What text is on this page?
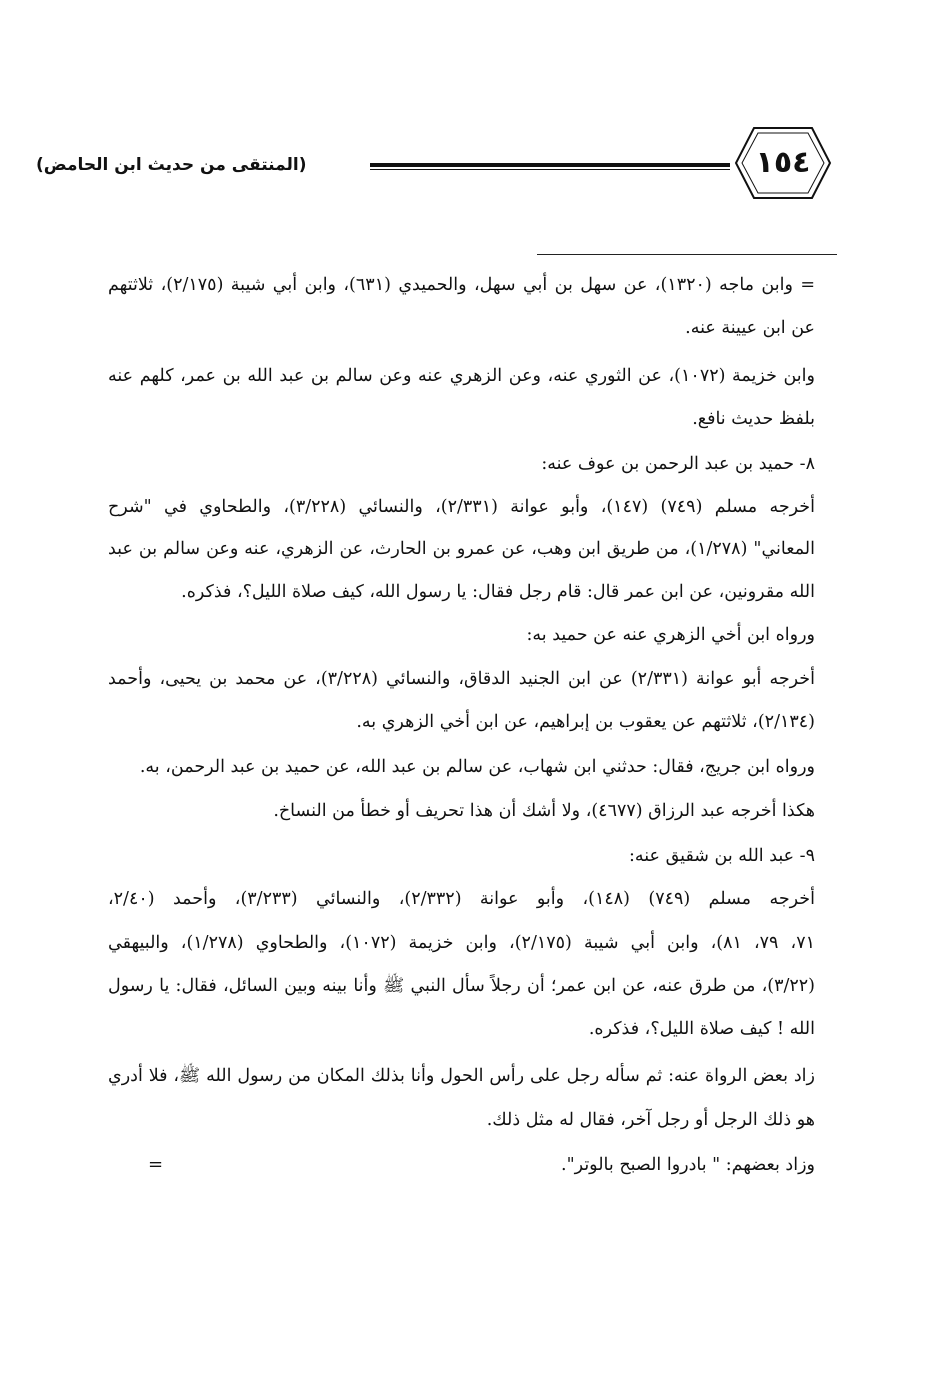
١٥٤
(المنتقى من حديث ابن الحامض)
= وابن ماجه (١٣٢٠)، عن سهل بن أبي سهل، والحميدي (٦٣١)، وابن أبي شيبة (٢/١٧٥)، ثلاثتهم
عن ابن عيينة عنه.
وابن خزيمة (١٠٧٢)، عن الثوري عنه، وعن الزهري عنه وعن سالم بن عبد الله بن عمر، كلهم عنه
بلفظ حديث نافع.
٨- حميد بن عبد الرحمن بن عوف عنه:
أخرجه مسلم (٧٤٩) (١٤٧)، وأبو عوانة (٢/٣٣١)، والنسائي (٣/٢٢٨)، والطحاوي في "شرح
المعاني" (١/٢٧٨)، من طريق ابن وهب، عن عمرو بن الحارث، عن الزهري، عنه وعن سالم بن عبد
الله مقرونين، عن ابن عمر قال: قام رجل فقال: يا رسول الله، كيف صلاة الليل؟، فذكره.
ورواه ابن أخي الزهري عنه عن حميد به:
أخرجه أبو عوانة (٢/٣٣١) عن ابن الجنيد الدقاق، والنسائي (٣/٢٢٨)، عن محمد بن يحيى، وأحمد
(٢/١٣٤)، ثلاثتهم عن يعقوب بن إبراهيم، عن ابن أخي الزهري به.
ورواه ابن جريج، فقال: حدثني ابن شهاب، عن سالم بن عبد الله، عن حميد بن عبد الرحمن، به.
هكذا أخرجه عبد الرزاق (٤٦٧٧)، ولا أشك أن هذا تحريف أو خطأ من النساخ.
٩- عبد الله بن شقيق عنه:
أخرجه مسلم (٧٤٩) (١٤٨)، وأبو عوانة (٢/٣٣٢)، والنسائي (٣/٢٣٣)، وأحمد (٢/٤٠،
٧١، ٧٩، ٨١)، وابن أبي شيبة (٢/١٧٥)، وابن خزيمة (١٠٧٢)، والطحاوي (١/٢٧٨)، والبيهقي
(٣/٢٢)، من طرق عنه، عن ابن عمر؛ أن رجلاً سأل النبي ﷺ وأنا بينه وبين السائل، فقال: يا رسول
الله ! كيف صلاة الليل؟، فذكره.
زاد بعض الرواة عنه: ثم سأله رجل على رأس الحول وأنا بذلك المكان من رسول الله ﷺ، فلا أدري
هو ذلك الرجل أو رجل آخر، فقال له مثل ذلك.
وزاد بعضهم: " بادروا الصبح بالوتر".
=
